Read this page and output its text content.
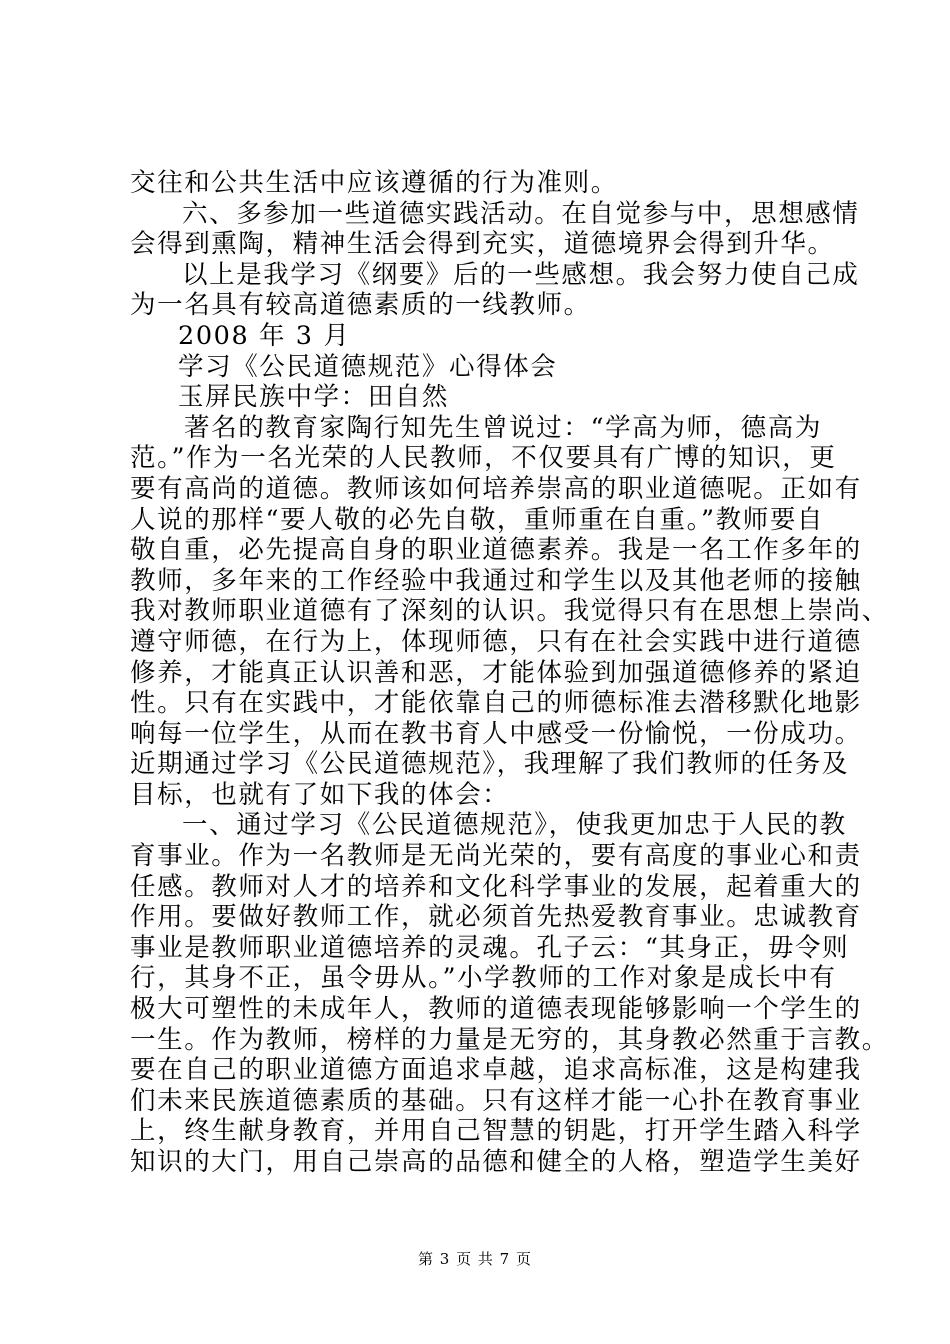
交往和公共生活中应该遵循的行为准则。
六、多参加一些道德实践活动。在自觉参与中，思想感情
会得到熏陶，精神生活会得到充实，道德境界会得到升华。
以上是我学习《纲要》后的一些感想。我会努力使自己成
为一名具有较高道德素质的一线教师。
2008 年 3 月
学习《公民道德规范》心得体会
玉屏民族中学：田自然
著名的教育家陶行知先生曾说过：“学高为师，德高为
范。”作为一名光荣的人民教师，不仅要具有广博的知识，更
要有高尚的道德。教师该如何培养崇高的职业道德呢。正如有
人说的那样“要人敬的必先自敬，重师重在自重。”教师要自
敬自重，必先提高自身的职业道德素养。我是一名工作多年的
教师，多年来的工作经验中我通过和学生以及其他老师的接触
我对教师职业道德有了深刻的认识。我觉得只有在思想上崇尚、
遵守师德，在行为上，体现师德，只有在社会实践中进行道德
修养，才能真正认识善和恶，才能体验到加强道德修养的紧迫
性。只有在实践中，才能依靠自己的师德标准去潜移默化地影
响每一位学生，从而在教书育人中感受一份愉悦，一份成功。
近期通过学习《公民道德规范》，我理解了我们教师的任务及
目标，也就有了如下我的体会：
一、通过学习《公民道德规范》，使我更加忠于人民的教
育事业。作为一名教师是无尚光荣的，要有高度的事业心和责
任感。教师对人才的培养和文化科学事业的发展，起着重大的
作用。要做好教师工作，就必须首先热爱教育事业。忠诚教育
事业是教师职业道德培养的灵魂。孔子云：“其身正，毋令则
行，其身不正，虽令毋从。”小学教师的工作对象是成长中有
极大可塑性的未成年人，教师的道德表现能够影响一个学生的
一生。作为教师，榜样的力量是无穷的，其身教必然重于言教。
要在自己的职业道德方面追求卓越，追求高标准，这是构建我
们未来民族道德素质的基础。只有这样才能一心扑在教育事业
上，终生献身教育，并用自己智慧的钥匙，打开学生踏入科学
知识的大门，用自己崇高的品德和健全的人格，塑造学生美好
第 3 页 共 7 页
